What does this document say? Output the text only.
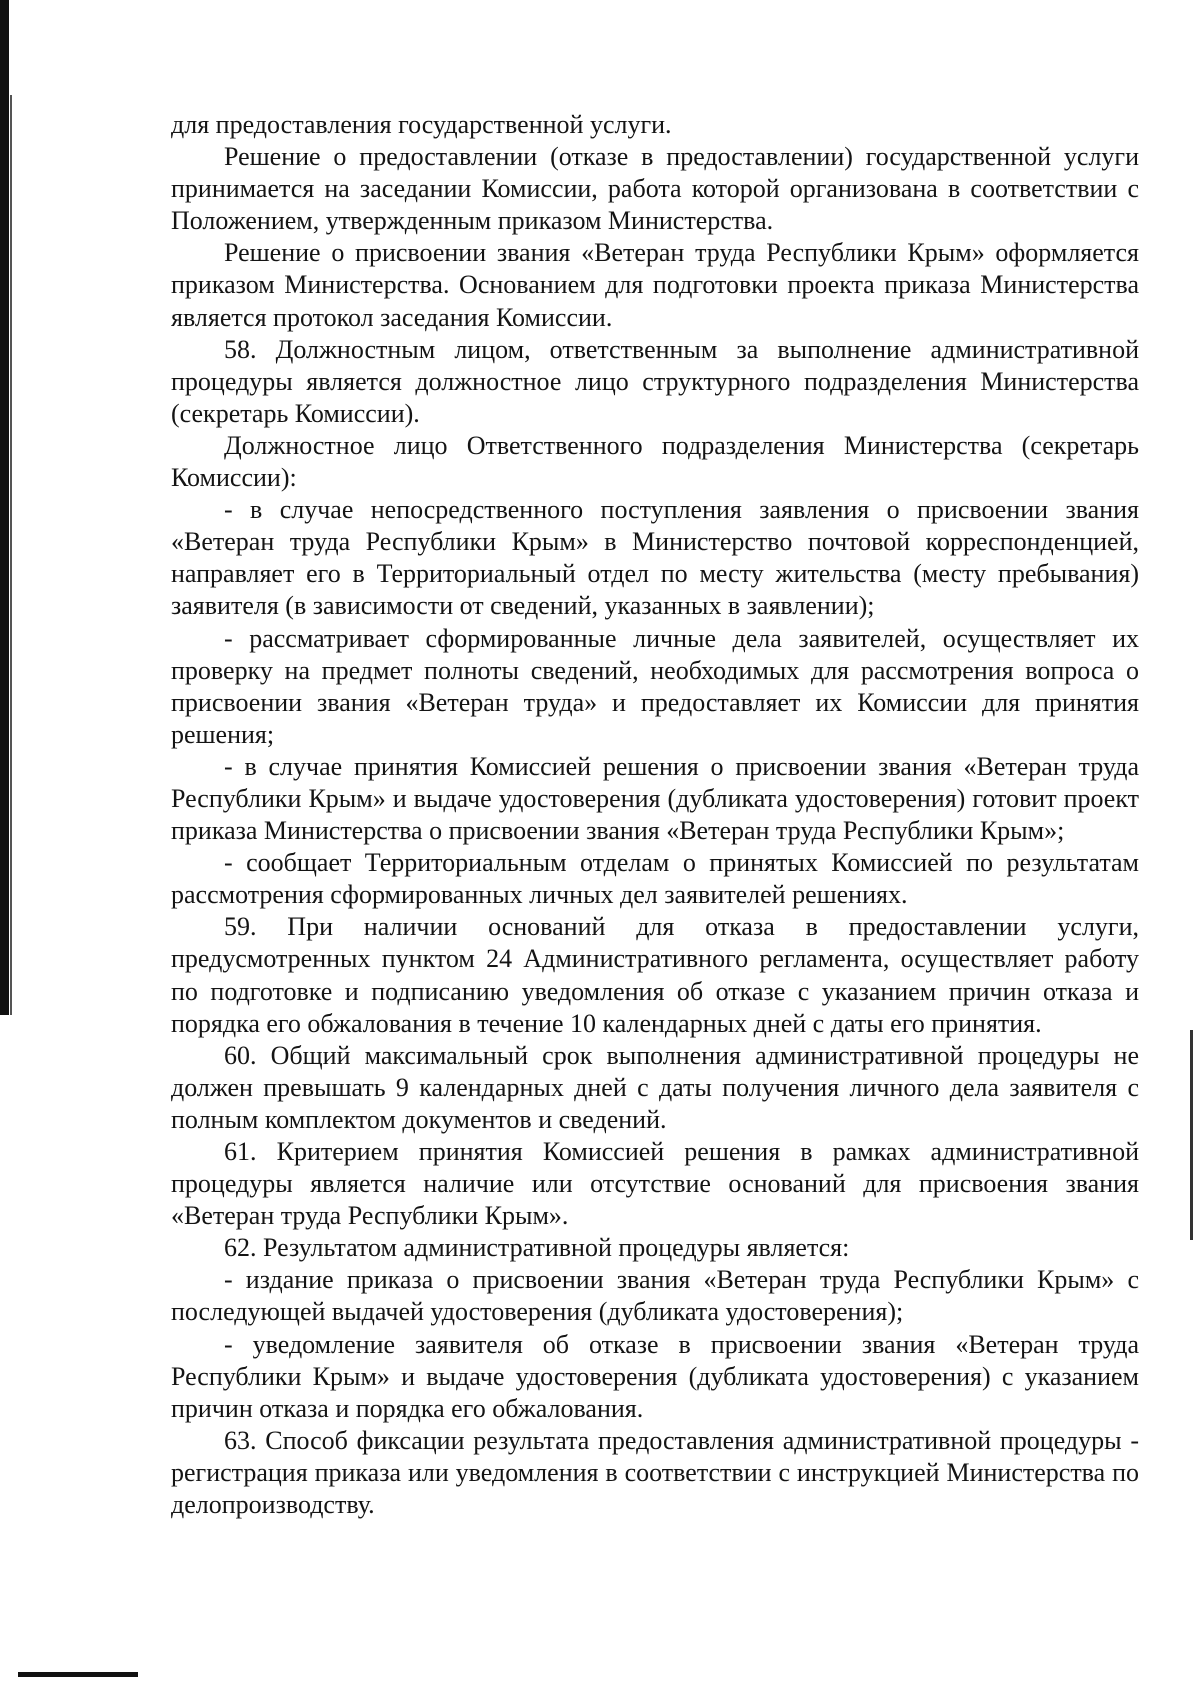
для предоставления государственной услуги.

Решение о предоставлении (отказе в предоставлении) государственной услуги принимается на заседании Комиссии, работа которой организована в соответствии с Положением, утвержденным приказом Министерства.

Решение о присвоении звания «Ветеран труда Республики Крым» оформляется приказом Министерства. Основанием для подготовки проекта приказа Министерства является протокол заседания Комиссии.

58. Должностным лицом, ответственным за выполнение административной процедуры является должностное лицо структурного подразделения Министерства (секретарь Комиссии).

Должностное лицо Ответственного подразделения Министерства (секретарь Комиссии):

- в случае непосредственного поступления заявления о присвоении звания «Ветеран труда Республики Крым» в Министерство почтовой корреспонденцией, направляет его в Территориальный отдел по месту жительства (месту пребывания) заявителя (в зависимости от сведений, указанных в заявлении);

- рассматривает сформированные личные дела заявителей, осуществляет их проверку на предмет полноты сведений, необходимых для рассмотрения вопроса о присвоении звания «Ветеран труда» и предоставляет их Комиссии для принятия решения;

- в случае принятия Комиссией решения о присвоении звания «Ветеран труда Республики Крым» и выдаче удостоверения (дубликата удостоверения) готовит проект приказа Министерства о присвоении звания «Ветеран труда Республики Крым»;

- сообщает Территориальным отделам о принятых Комиссией по результатам рассмотрения сформированных личных дел заявителей решениях.

59. При наличии оснований для отказа в предоставлении услуги, предусмотренных пунктом 24 Административного регламента, осуществляет работу по подготовке и подписанию уведомления об отказе с указанием причин отказа и порядка его обжалования в течение 10 календарных дней с даты его принятия.

60. Общий максимальный срок выполнения административной процедуры не должен превышать 9 календарных дней с даты получения личного дела заявителя с полным комплектом документов и сведений.

61. Критерием принятия Комиссией решения в рамках административной процедуры является наличие или отсутствие оснований для присвоения звания «Ветеран труда Республики Крым».

62. Результатом административной процедуры является:

- издание приказа о присвоении звания «Ветеран труда Республики Крым» с последующей выдачей удостоверения (дубликата удостоверения);

- уведомление заявителя об отказе в присвоении звания «Ветеран труда Республики Крым» и выдаче удостоверения (дубликата удостоверения) с указанием причин отказа и порядка его обжалования.

63. Способ фиксации результата предоставления административной процедуры - регистрация приказа или уведомления в соответствии с инструкцией Министерства по делопроизводству.
